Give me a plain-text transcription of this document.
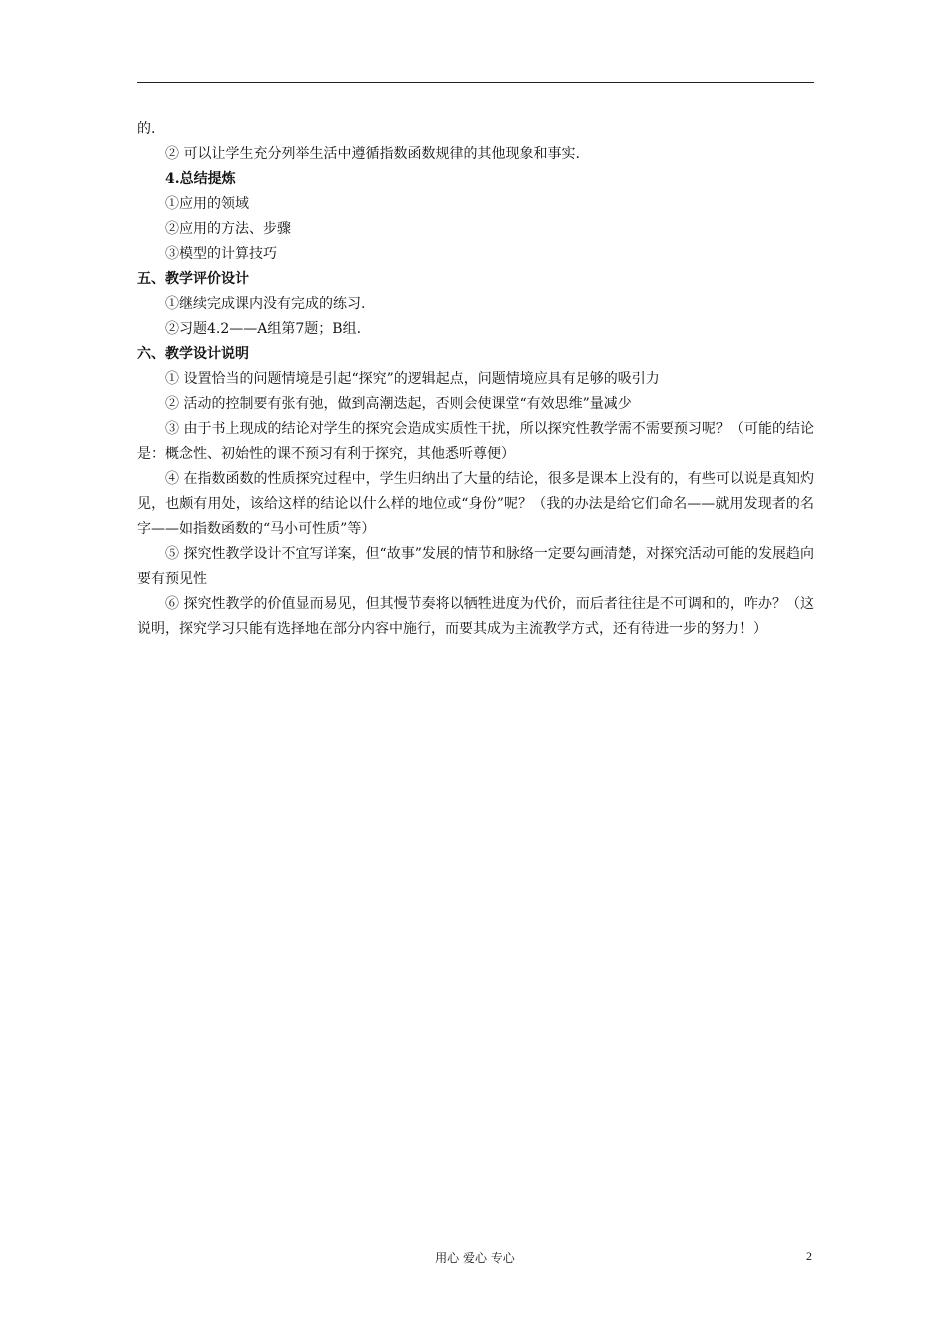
的.
② 可以让学生充分列举生活中遵循指数函数规律的其他现象和事实.
4.总结提炼
①应用的领域
②应用的方法、步骤
③模型的计算技巧
五、教学评价设计
①继续完成课内没有完成的练习.
②习题4.2——A组第7题；B组.
六、教学设计说明
① 设置恰当的问题情境是引起“探究”的逻辑起点，问题情境应具有足够的吸引力
② 活动的控制要有张有弛，做到高潮迭起，否则会使课堂“有效思维”量减少
③ 由于书上现成的结论对学生的探究会造成实质性干扰，所以探究性教学需不需要预习呢？（可能的结论是：概念性、初始性的课不预习有利于探究，其他悉听尊便）
④ 在指数函数的性质探究过程中，学生归纳出了大量的结论，很多是课本上没有的，有些可以说是真知灼见，也颇有用处，该给这样的结论以什么样的地位或“身份”呢？（我的办法是给它们命名——就用发现者的名字——如指数函数的“马小可性质”等）
⑤ 探究性教学设计不宜写详案，但“故事”发展的情节和脉络一定要勾画清楚，对探究活动可能的发展趋向要有预见性
⑥ 探究性教学的价值显而易见，但其慢节奏将以牺牲进度为代价，而后者往往是不可调和的，咋办？（这说明，探究学习只能有选择地在部分内容中施行，而要其成为主流教学方式，还有待进一步的努力！）
用心 爱心 专心	2
